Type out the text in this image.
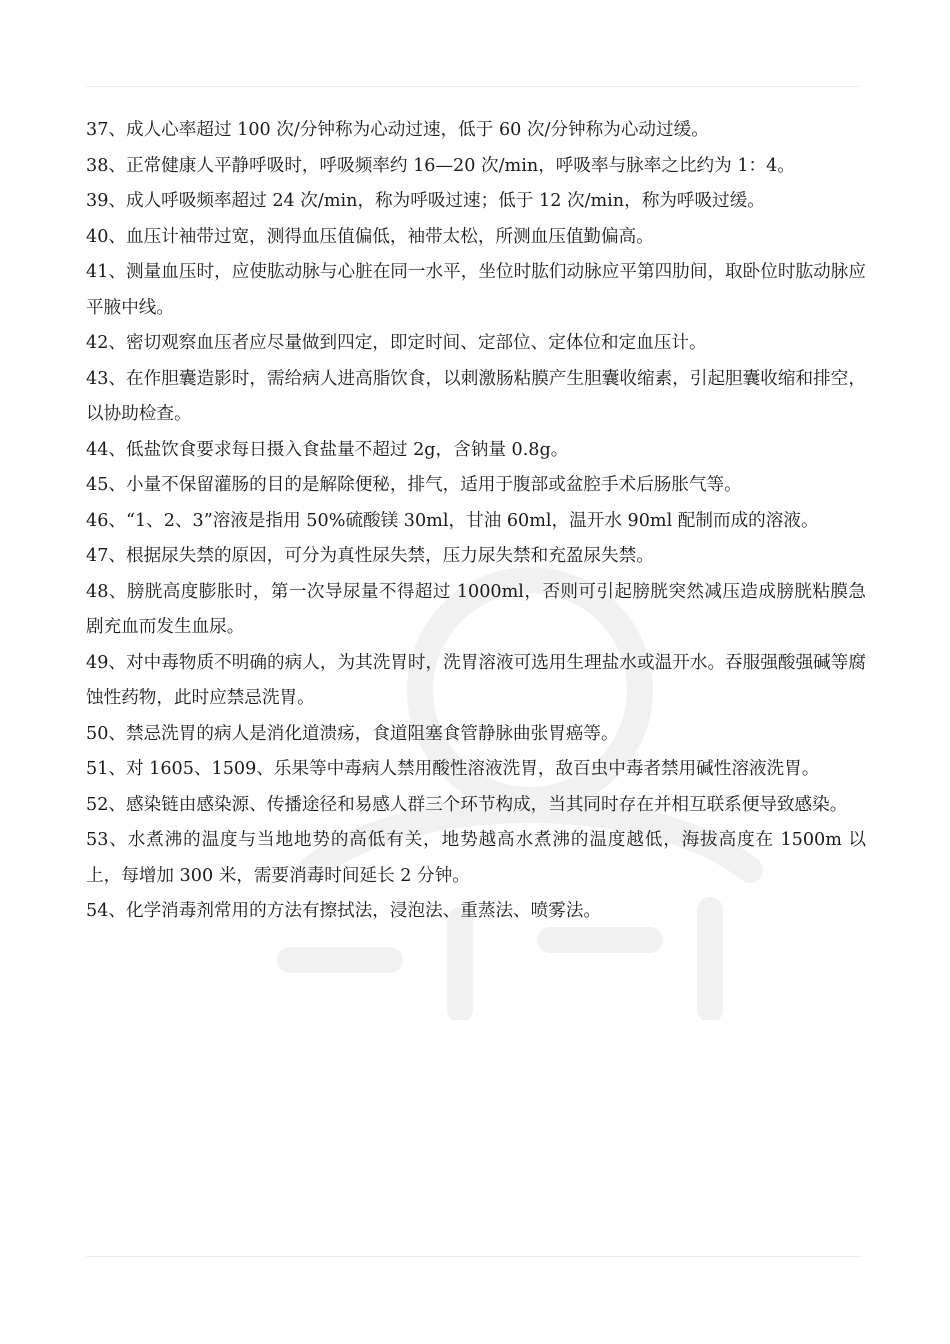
37、成人心率超过 100 次/分钟称为心动过速，低于 60 次/分钟称为心动过缓。

38、正常健康人平静呼吸时，呼吸频率约 16—20 次/min，呼吸率与脉率之比约为 1：4。

39、成人呼吸频率超过 24 次/min，称为呼吸过速；低于 12 次/min，称为呼吸过缓。

40、血压计袖带过宽，测得血压值偏低，袖带太松，所测血压值勤偏高。

41、测量血压时，应使肱动脉与心脏在同一水平，坐位时肱们动脉应平第四肋间，取卧位时肱动脉应平腋中线。

42、密切观察血压者应尽量做到四定，即定时间、定部位、定体位和定血压计。

43、在作胆囊造影时，需给病人进高脂饮食，以刺激肠粘膜产生胆囊收缩素，引起胆囊收缩和排空，以协助检查。

44、低盐饮食要求每日摄入食盐量不超过 2g，含钠量 0.8g。

45、小量不保留灌肠的目的是解除便秘，排气，适用于腹部或盆腔手术后肠胀气等。

46、“1、2、3”溶液是指用 50%硫酸镁 30ml，甘油 60ml，温开水 90ml 配制而成的溶液。

47、根据尿失禁的原因，可分为真性尿失禁，压力尿失禁和充盈尿失禁。

48、膀胱高度膨胀时，第一次导尿量不得超过 1000ml，否则可引起膀胱突然减压造成膀胱粘膜急剧充血而发生血尿。

49、对中毒物质不明确的病人，为其洗胃时，洗胃溶液可选用生理盐水或温开水。吞服强酸强碱等腐蚀性药物，此时应禁忌洗胃。

50、禁忌洗胃的病人是消化道溃疡，食道阻塞食管静脉曲张胃癌等。

51、对 1605、1509、乐果等中毒病人禁用酸性溶液洗胃，敌百虫中毒者禁用碱性溶液洗胃。

52、感染链由感染源、传播途径和易感人群三个环节构成，当其同时存在并相互联系便导致感染。

53、水煮沸的温度与当地地势的高低有关，地势越高水煮沸的温度越低，海拔高度在 1500m 以上，每增加 300 米，需要消毒时间延长 2 分钟。

54、化学消毒剂常用的方法有擦拭法，浸泡法、重蒸法、喷雾法。
